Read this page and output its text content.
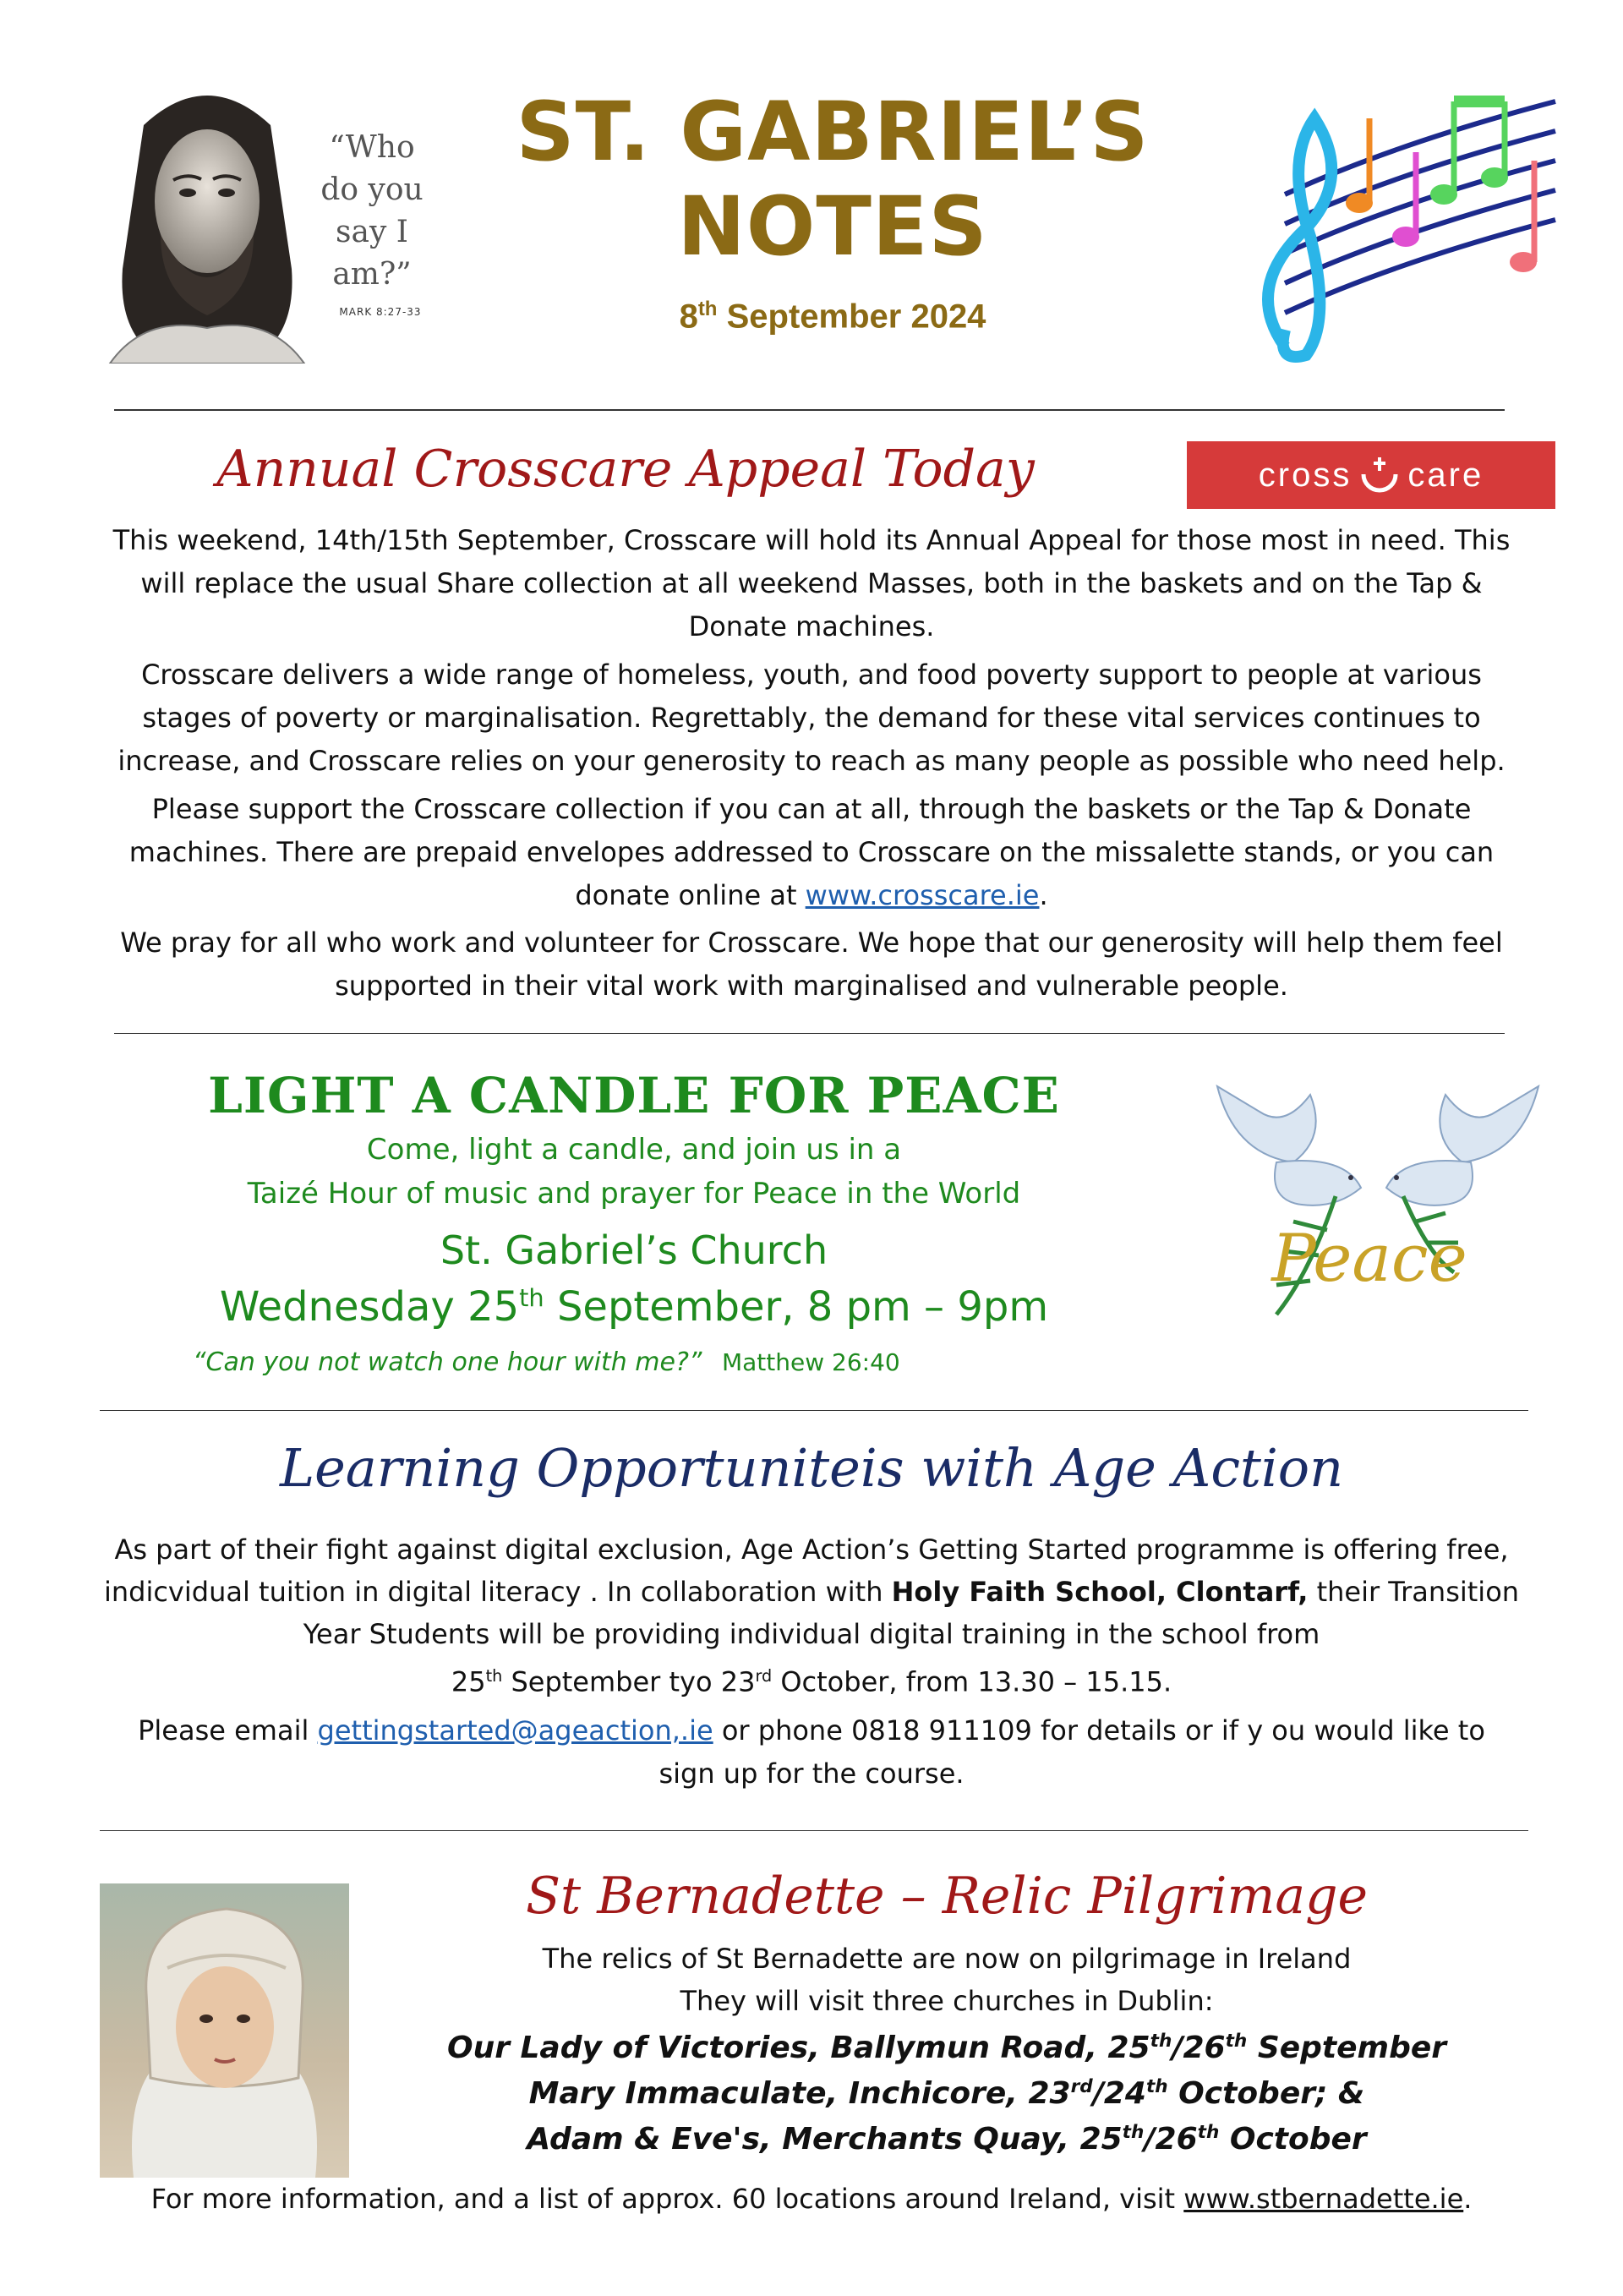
“Who do you say I am?”
MARK 8:27-33
ST. GABRIEL’S
NOTES
8th September 2024
Annual Crosscare Appeal Today	cross care
This weekend, 14th/15th September, Crosscare will hold its Annual Appeal for those most in need. This will replace the usual Share collection at all weekend Masses, both in the baskets and on the Tap & Donate machines.
Crosscare delivers a wide range of homeless, youth, and food poverty support to people at various stages of poverty or marginalisation. Regrettably, the demand for these vital services continues to increase, and Crosscare relies on your generosity to reach as many people as possible who need help.
Please support the Crosscare collection if you can at all, through the baskets or the Tap & Donate machines. There are prepaid envelopes addressed to Crosscare on the missalette stands, or you can donate online at www.crosscare.ie.
We pray for all who work and volunteer for Crosscare. We hope that our generosity will help them feel supported in their vital work with marginalised and vulnerable people.
LIGHT A CANDLE FOR PEACE
Come, light a candle, and join us in a
Taizé Hour of music and prayer for Peace in the World
St. Gabriel’s Church
Wednesday 25th September, 8 pm – 9pm
“Can you not watch one hour with me?” Matthew 26:40
Peace
Learning Opportuniteis with Age Action
As part of their fight against digital exclusion, Age Action’s Getting Started programme is offering free, indicvidual tuition in digital literacy . In collaboration with Holy Faith School, Clontarf, their Transition Year Students will be providing individual digital training in the school from
25th September tyo 23rd October, from 13.30 – 15.15.
Please email gettingstarted@ageaction,.ie or phone 0818 911109 for details or if y ou would like to sign up for the course.
St Bernadette – Relic Pilgrimage
The relics of St Bernadette are now on pilgrimage in Ireland
They will visit three churches in Dublin:
Our Lady of Victories, Ballymun Road, 25th/26th September
Mary Immaculate, Inchicore, 23rd/24th October; &
Adam & Eve's, Merchants Quay, 25th/26th October
For more information, and a list of approx. 60 locations around Ireland, visit www.stbernadette.ie.
